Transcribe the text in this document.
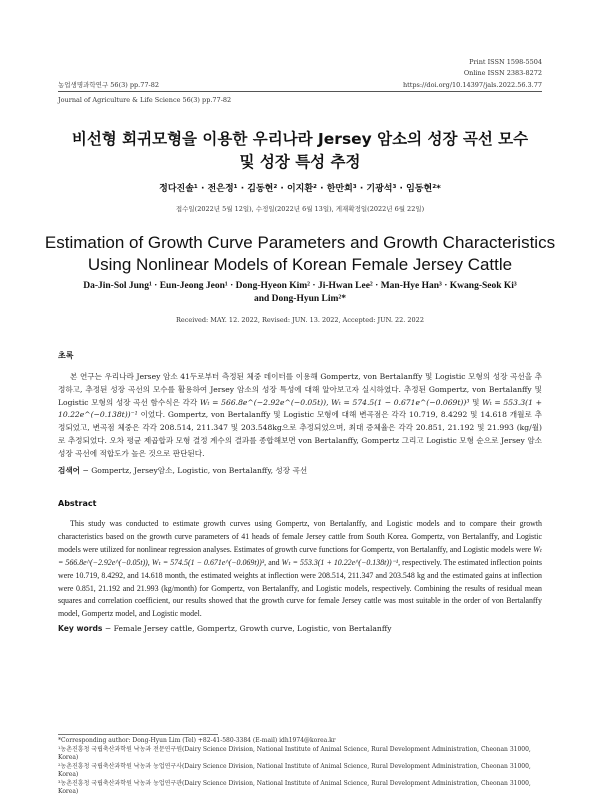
Print ISSN 1598-5504
Online ISSN 2383-8272
농업생명과학연구 56(3) pp.77-82	https://doi.org/10.14397/jals.2022.56.3.77
Journal of Agriculture & Life Science 56(3) pp.77-82
비선형 회귀모형을 이용한 우리나라 Jersey 암소의 성장 곡선 모수
및 성장 특성 추정
정다진솔¹ · 전은정¹ · 김동현² · 이지환² · 한만희³ · 기광석³ · 임동현²*
접수일(2022년 5월 12일), 수정일(2022년 6월 13일), 게재확정일(2022년 6월 22일)
Estimation of Growth Curve Parameters and Growth Characteristics
Using Nonlinear Models of Korean Female Jersey Cattle
Da-Jin-Sol Jung¹ · Eun-Jeong Jeon¹ · Dong-Hyeon Kim² · Ji-Hwan Lee² · Man-Hye Han³ · Kwang-Seok Ki³
and Dong-Hyun Lim²*
Received: MAY. 12. 2022, Revised: JUN. 13. 2022, Accepted: JUN. 22. 2022
초록
본 연구는 우리나라 Jersey 암소 41두로부터 측정된 체중 데이터를 이용해 Gompertz, von Bertalanffy 및 Logistic 모형의 성장 곡선을 추정하고, 추정된 성장 곡선의 모수를 활용하여 Jersey 암소의 성장 특성에 대해 알아보고자 실시하였다. 추정된 Gompertz, von Bertalanffy 및 Logistic 모형의 성장 곡선 함수식은 각각 Wₜ = 566.8e^(−2.92e^(−0.05t)), Wₜ = 574.5(1 − 0.671e^(−0.069t))³ 및 Wₜ = 553.3(1 + 10.22e^(−0.138t))⁻¹ 이었다. Gompertz, von Bertalanffy 및 Logistic 모형에 대해 변곡점은 각각 10.719, 8.4292 및 14.618 개월로 추정되었고, 변곡점 체중은 각각 208.514, 211.347 및 203.548kg으로 추정되었으며, 최대 증체율은 각각 20.851, 21.192 및 21.993 (kg/월)로 추정되었다. 오차 평균 제곱합과 모형 결정 계수의 결과를 종합해보면 von Bertalanffy, Gompertz 그리고 Logistic 모형 순으로 Jersey 암소 성장 곡선에 적합도가 높은 것으로 판단된다.
검색어 − Gompertz, Jersey암소, Logistic, von Bertalanffy, 성장 곡선
Abstract
This study was conducted to estimate growth curves using Gompertz, von Bertalanffy, and Logistic models and to compare their growth characteristics based on the growth curve parameters of 41 heads of female Jersey cattle from South Korea. Gompertz, von Bertalanffy, and Logistic models were utilized for nonlinear regression analyses. Estimates of growth curve functions for Gompertz, von Bertalanffy, and Logistic models were Wₜ = 566.8e^(−2.92e^(−0.05t)), Wₜ = 574.5(1 − 0.671e^(−0.069t))³, and Wₜ = 553.3(1 + 10.22e^(−0.138t))⁻¹, respectively. The estimated inflection points were 10.719, 8.4292, and 14.618 month, the estimated weights at inflection were 208.514, 211.347 and 203.548 kg and the estimated gains at inflection were 0.851, 21.192 and 21.993 (kg/month) for Gompertz, von Bertalanffy, and Logistic models, respectively. Combining the results of residual mean squares and correlation coefficient, our results showed that the growth curve for female Jersey cattle was most suitable in the order of von Bertalanffy model, Gompertz model, and Logistic model.
Key words − Female Jersey cattle, Gompertz, Growth curve, Logistic, von Bertalanffy
*Corresponding author: Dong-Hyun Lim (Tel) +82-41-580-3384 (E-mail) idh1974@korea.kr
¹농촌진흥청 국립축산과학원 낙농과 전문연구원(Dairy Science Division, National Institute of Animal Science, Rural Development Administration, Cheonan 31000, Korea)
²농촌진흥청 국립축산과학원 낙농과 농업연구사(Dairy Science Division, National Institute of Animal Science, Rural Development Administration, Cheonan 31000, Korea)
³농촌진흥청 국립축산과학원 낙농과 농업연구관(Dairy Science Division, National Institute of Animal Science, Rural Development Administration, Cheonan 31000, Korea)
